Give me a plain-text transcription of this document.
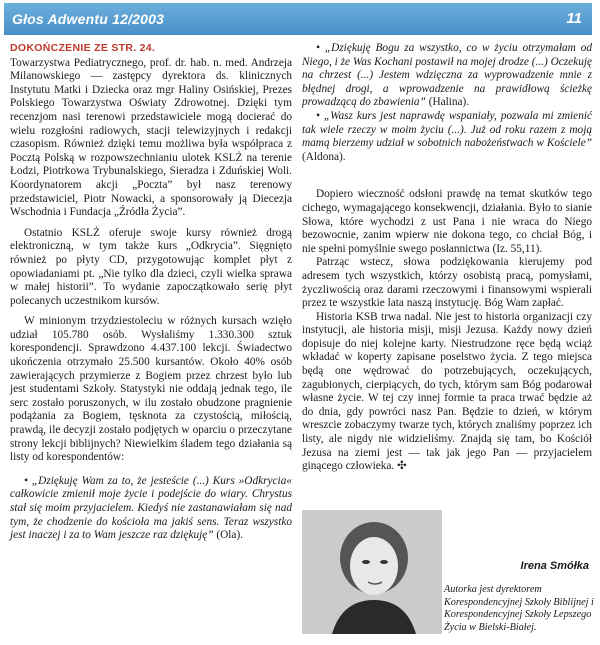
Głos Adwentu 12/2003	11
DOKOŃCZENIE ZE STR. 24.

Towarzystwa Pediatrycznego, prof. dr. hab. n. med. Andrzeja Milanowskiego — zastępcy dyrektora ds. klinicznych Instytutu Matki i Dziecka oraz mgr Haliny Osińskiej, Prezes Polskiego Towarzystwa Oświaty Zdrowotnej. Dzięki tym recenzjom nasi terenowi przedstawiciele mogą docierać do wielu rozgłośni radiowych, stacji telewizyjnych i redakcji czasopism. Również dzięki temu możliwa była współpraca z Pocztą Polską w rozpowszechnianiu ulotek KSLŻ na terenie Łodzi, Piotrkowa Trybunalskiego, Sieradza i Zduńskiej Woli. Koordynatorem akcji „Poczta” był nasz terenowy przedstawiciel, Piotr Nowacki, a sponsorowały ją Diecezja Wschodnia i Fundacja „Źródła Życia”.

Ostatnio KSLŻ oferuje swoje kursy również drogą elektroniczną, w tym także kurs „Odkrycia”. Sięgnięto również po płyty CD, przygotowując komplet płyt z opowiadaniami pt. „Nie tylko dla dzieci, czyli wielka sprawa w małej historii”. To wydanie zapoczątkowało serię płyt polecanych uczestnikom kursów.

W minionym trzydziestoleciu w różnych kursach wzięło udział 105.780 osób. Wysłaliśmy 1.330.300 sztuk korespondencji. Sprawdzono 4.437.100 lekcji. Świadectwo ukończenia otrzymało 25.500 kursantów. Około 40% osób zawierających przymierze z Bogiem przez chrzest było lub jest studentami Szkoły. Statystyki nie oddają jednak tego, ile serc zostało poruszonych, w ilu zostało obudzone pragnienie podążania za Bogiem, tęsknota za czystością, miłością, prawdą, ile decyzji zostało podjętych w oparciu o przeczytane strony lekcji biblijnych? Niewielkim śladem tego działania są listy od korespondentów:

• „Dziękuję Wam za to, że jesteście (...) Kurs »Odkrycia« całkowicie zmienił moje życie i podejście do wiary. Chrystus stał się moim przyjacielem. Kiedyś nie zastanawiałam się nad tym, że chodzenie do kościoła ma jakiś sens. Teraz wszystko jest inaczej i za to Wam jeszcze raz dziękuję” (Ola).

• „Dziękuję Bogu za wszystko, co w życiu otrzymałam od Niego, i że Was Kochani postawił na mojej drodze (...) Oczekuję na chrzest (...) Jestem wdzięczna za wyprowadzenie mnie z błędnej drogi, a wprowadzenie na prawidłową ścieżkę prowadzącą do zbawienia” (Halina).

• „Wasz kurs jest naprawdę wspaniały, pozwala mi zmienić tak wiele rzeczy w moim życiu (...). Już od roku razem z moją mamą bierzemy udział w sobotnich nabożeństwach w Kościele” (Aldona).

Dopiero wieczność odsłoni prawdę na temat skutków tego cichego, wymagającego konsekwencji, działania. Było to sianie Słowa, które wychodzi z ust Pana i nie wraca do Niego bezowocnie, zanim wpierw nie dokona tego, co chciał Bóg, i nie spełni pomyślnie swego posłannictwa (Iz. 55,11).

Patrząc wstecz, słowa podziękowania kierujemy pod adresem tych wszystkich, którzy osobistą pracą, pomysłami, życzliwością oraz darami rzeczowymi i finansowymi wspierali przez te wszystkie lata naszą instytucję. Bóg Wam zapłać.

Historia KSB trwa nadal. Nie jest to historia organizacji czy instytucji, ale historia misji, misji Jezusa. Każdy nowy dzień dopisuje do niej kolejne karty. Niestrudzone ręce będą wciąż wkładać w koperty zapisane poselstwo życia. Z tego miejsca będą one wędrować do potrzebujących, oczekujących, zagubionych, cierpiących, do tych, którym sam Bóg podarował własne życie. W tej czy innej formie ta praca trwać będzie aż do dnia, gdy powróci nasz Pan. Będzie to dzień, w którym wreszcie zobaczymy twarze tych, których znaliśmy poprzez ich listy, ale nigdy nie widzieliśmy. Znajdą się tam, bo Kościół Jezusa na ziemi jest — tak jak jego Pan — przyjacielem ginącego człowieka. ✣

Irena Smółka
Autorka jest dyrektorem Korespondencyjnej Szkoły Biblijnej i Korespondencyjnej Szkoły Lepszego Życia w Bielski-Białej.
